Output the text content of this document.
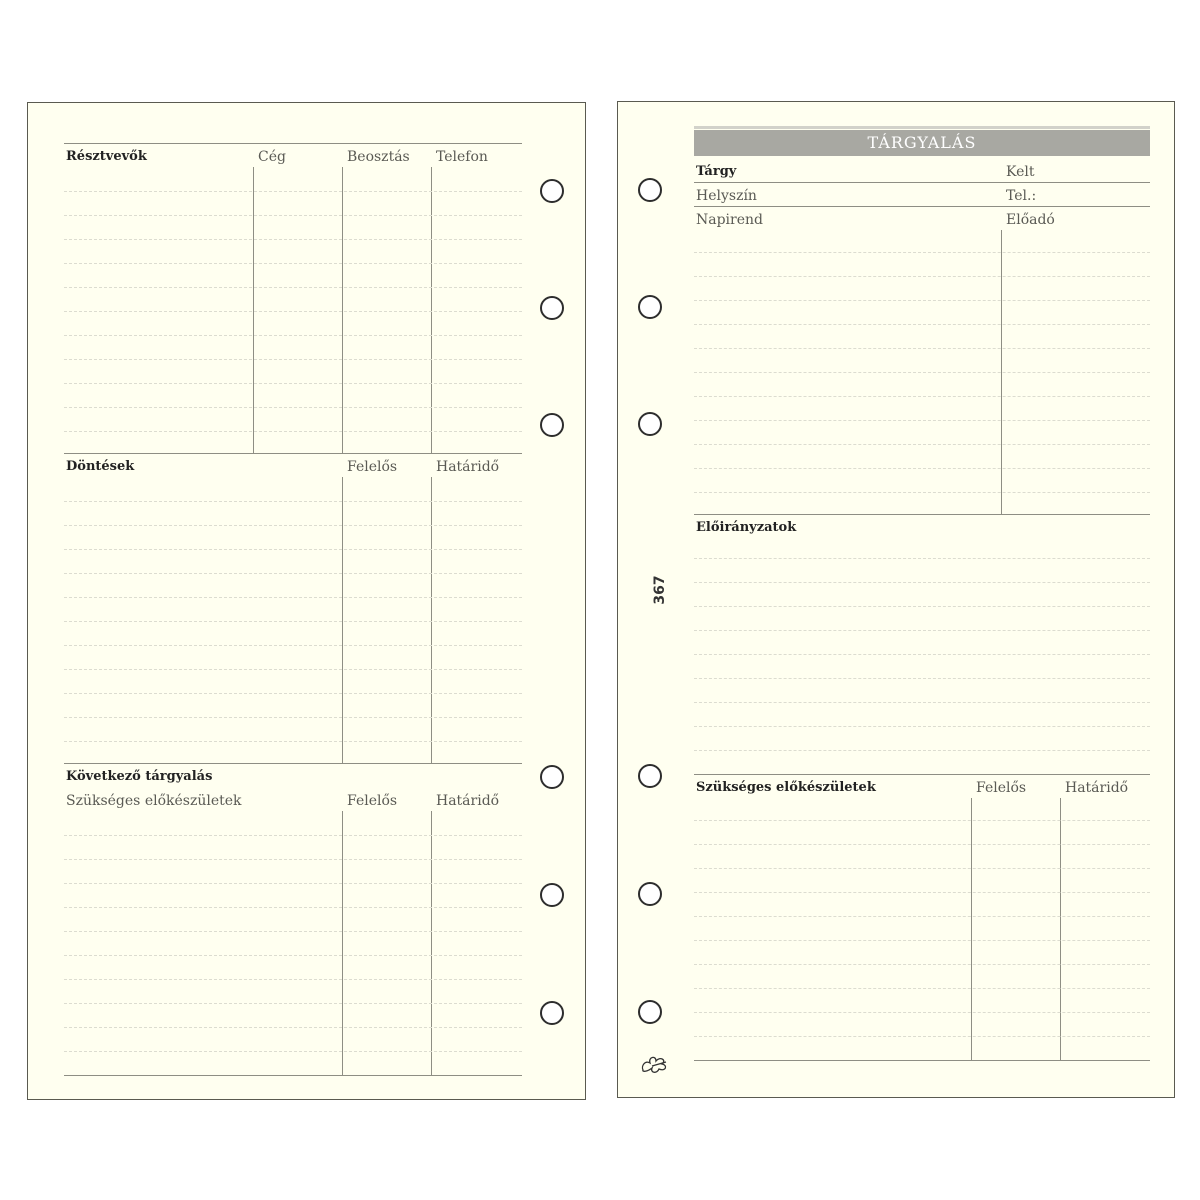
Résztvevők	Cég	Beosztás Telefon
Döntések	Felelős	Határidő
Következő tárgyalás
Szükséges előkészületek	Felelős	Határidő
TÁRGYALÁS
Tárgy	Kelt
Helyszín	Tel.:
Napirend	Előadó
Előirányzatok
Szükséges előkészületek	Felelős	Határidő
367
